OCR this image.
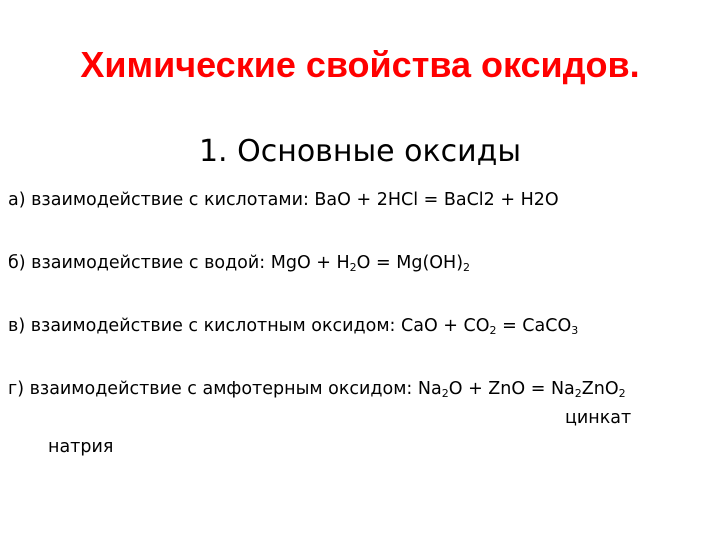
Химические свойства оксидов.
1. Основные оксиды
а) взаимодействие с кислотами: BaO + 2HCl = BaCl2 + H2O
б) взаимодействие с водой: MgO + $H_2O = Mg(OH)_2$
в) взаимодействие с кислотным оксидом: CaO + $CO_2$ = CaCO$_3$
г) взаимодействие с амфотерным оксидом: $Na_2O$ + ZnO = $Na_2ZnO_2$
цинкат
натрия
